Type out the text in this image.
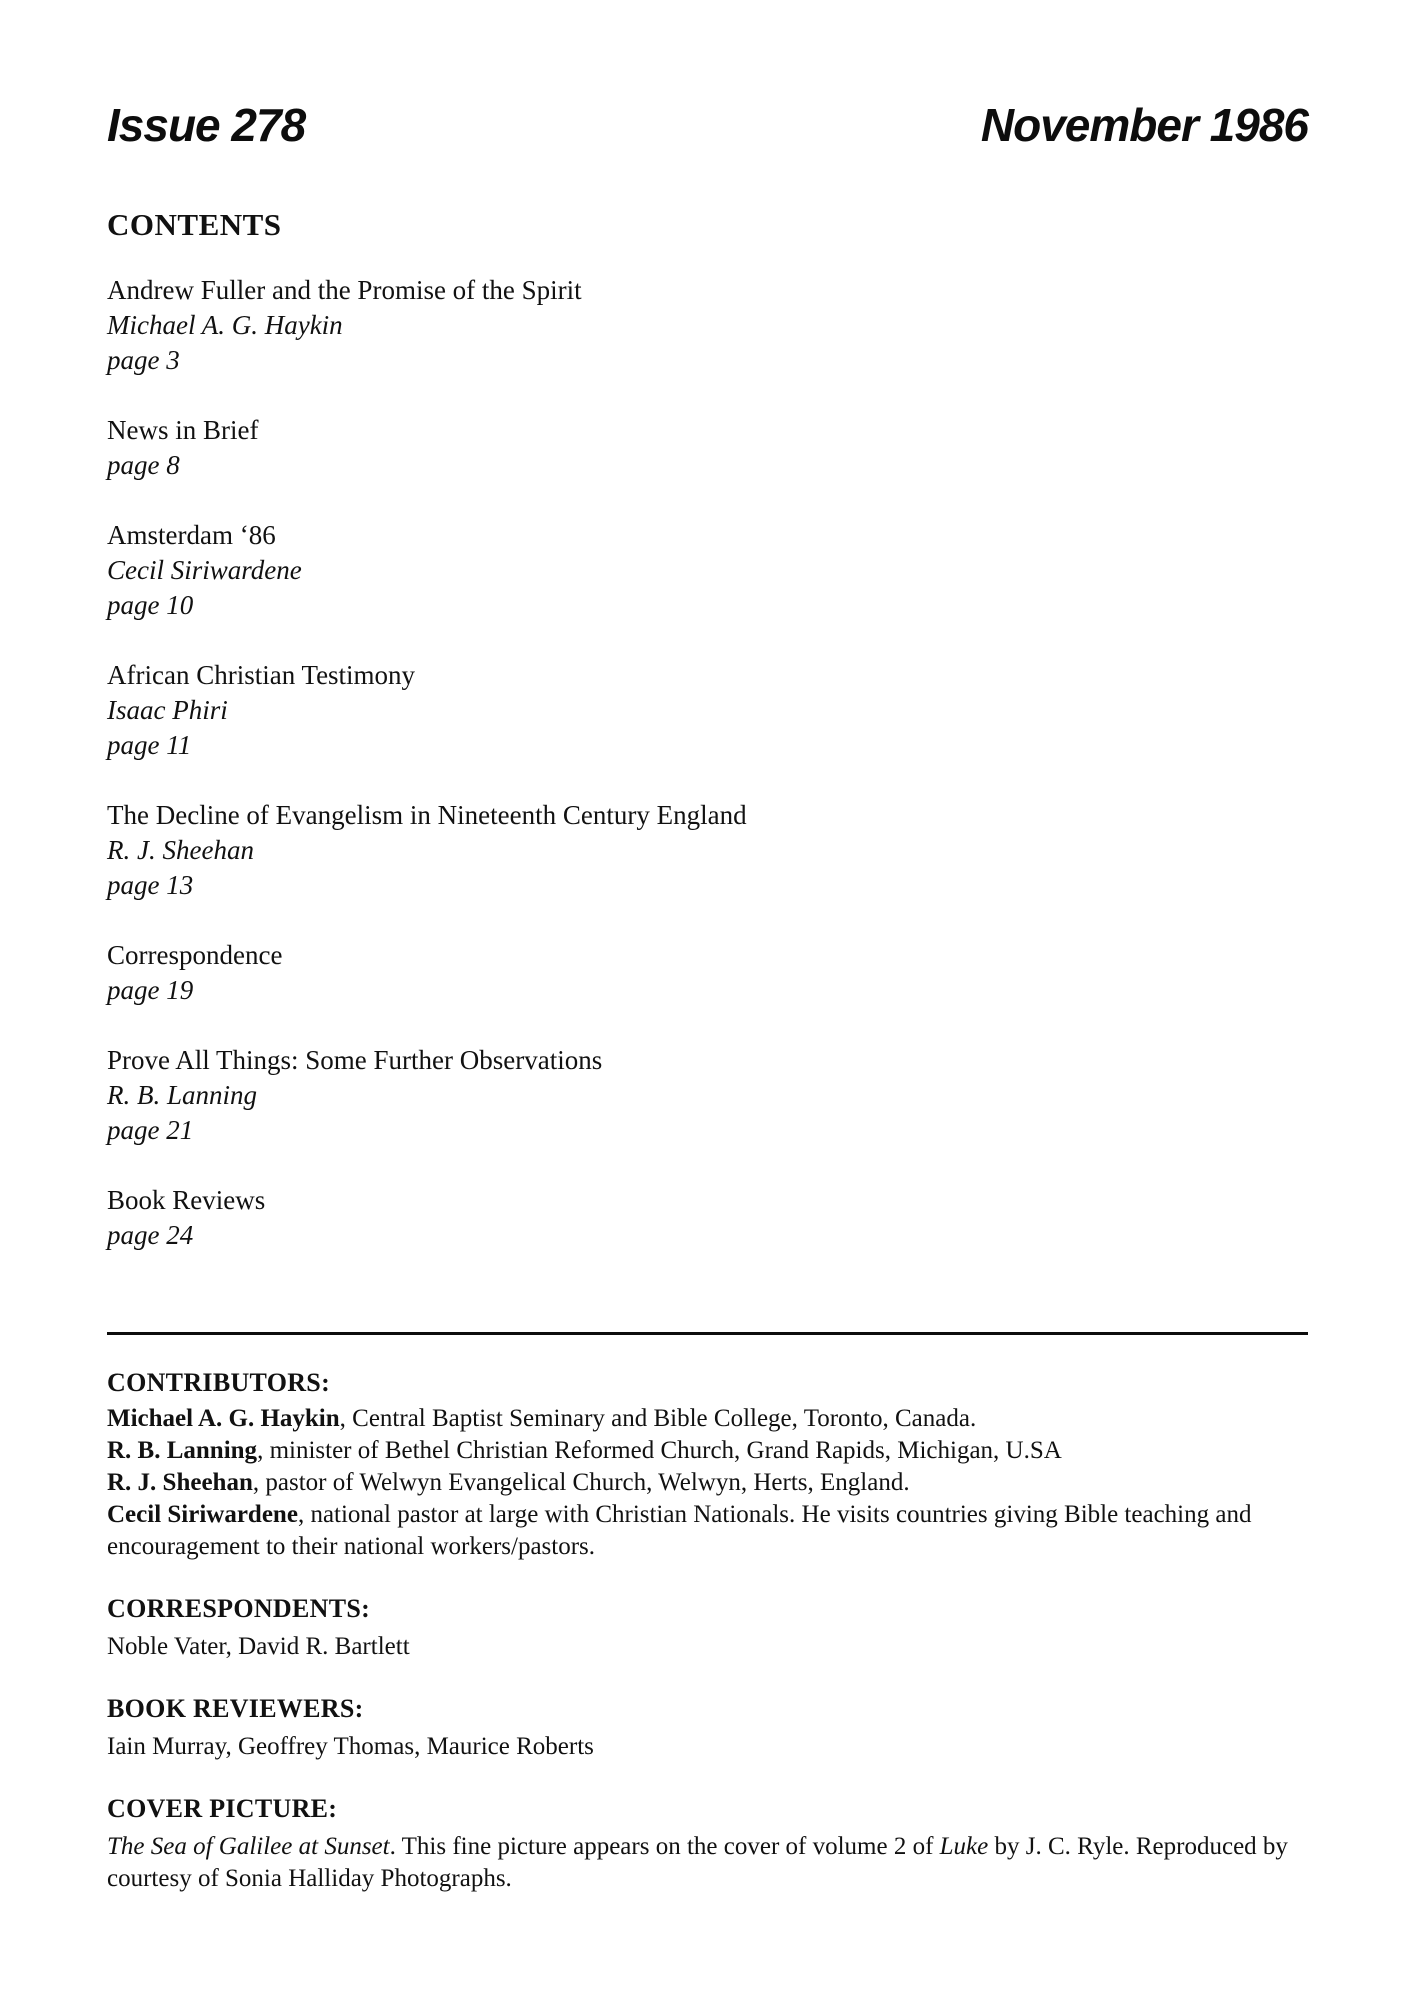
Issue 278	November 1986
CONTENTS
Andrew Fuller and the Promise of the Spirit
Michael A. G. Haykin
page 3
News in Brief
page 8
Amsterdam ‘86
Cecil Siriwardene
page 10
African Christian Testimony
Isaac Phiri
page 11
The Decline of Evangelism in Nineteenth Century England
R. J. Sheehan
page 13
Correspondence
page 19
Prove All Things: Some Further Observations
R. B. Lanning
page 21
Book Reviews
page 24
CONTRIBUTORS:
Michael A. G. Haykin, Central Baptist Seminary and Bible College, Toronto, Canada.
R. B. Lanning, minister of Bethel Christian Reformed Church, Grand Rapids, Michigan, U.SA
R. J. Sheehan, pastor of Welwyn Evangelical Church, Welwyn, Herts, England.
Cecil Siriwardene, national pastor at large with Christian Nationals. He visits countries giving Bible teaching and encouragement to their national workers/pastors.
CORRESPONDENTS:
Noble Vater, David R. Bartlett
BOOK REVIEWERS:
Iain Murray, Geoffrey Thomas, Maurice Roberts
COVER PICTURE:
The Sea of Galilee at Sunset. This fine picture appears on the cover of volume 2 of Luke by J. C. Ryle. Reproduced by courtesy of Sonia Halliday Photographs.
